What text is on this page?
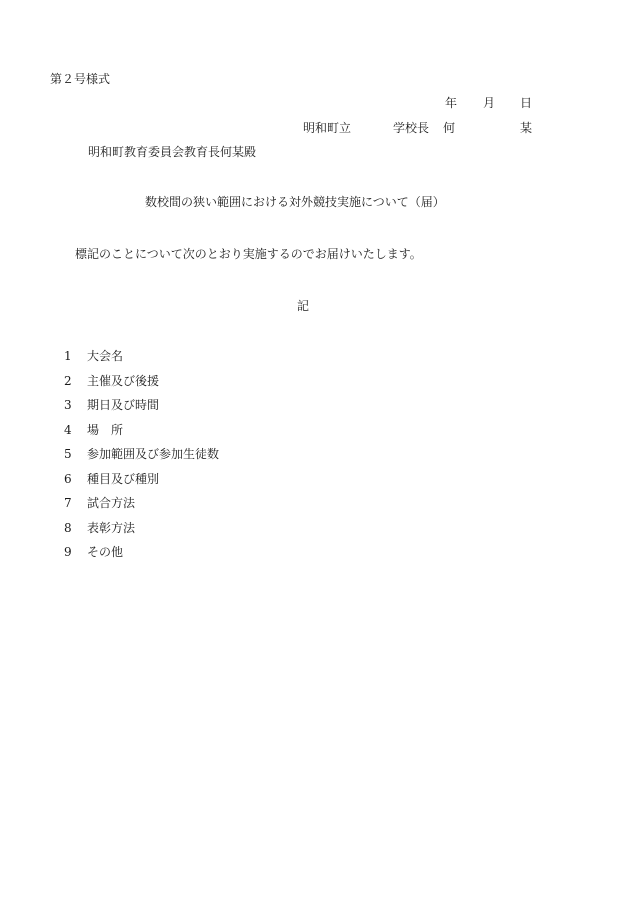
第２号様式
年 月 日
明和町立	学校長 何	某
明和町教育委員会教育長何某殿
数校間の狭い範囲における対外競技実施について（届）
標記のことについて次のとおり実施するのでお届けいたします。
記
1 大会名
2 主催及び後援
3 期日及び時間
4 場　所
5 参加範囲及び参加生徒数
6 種目及び種別
7 試合方法
8 表彰方法
9 その他
